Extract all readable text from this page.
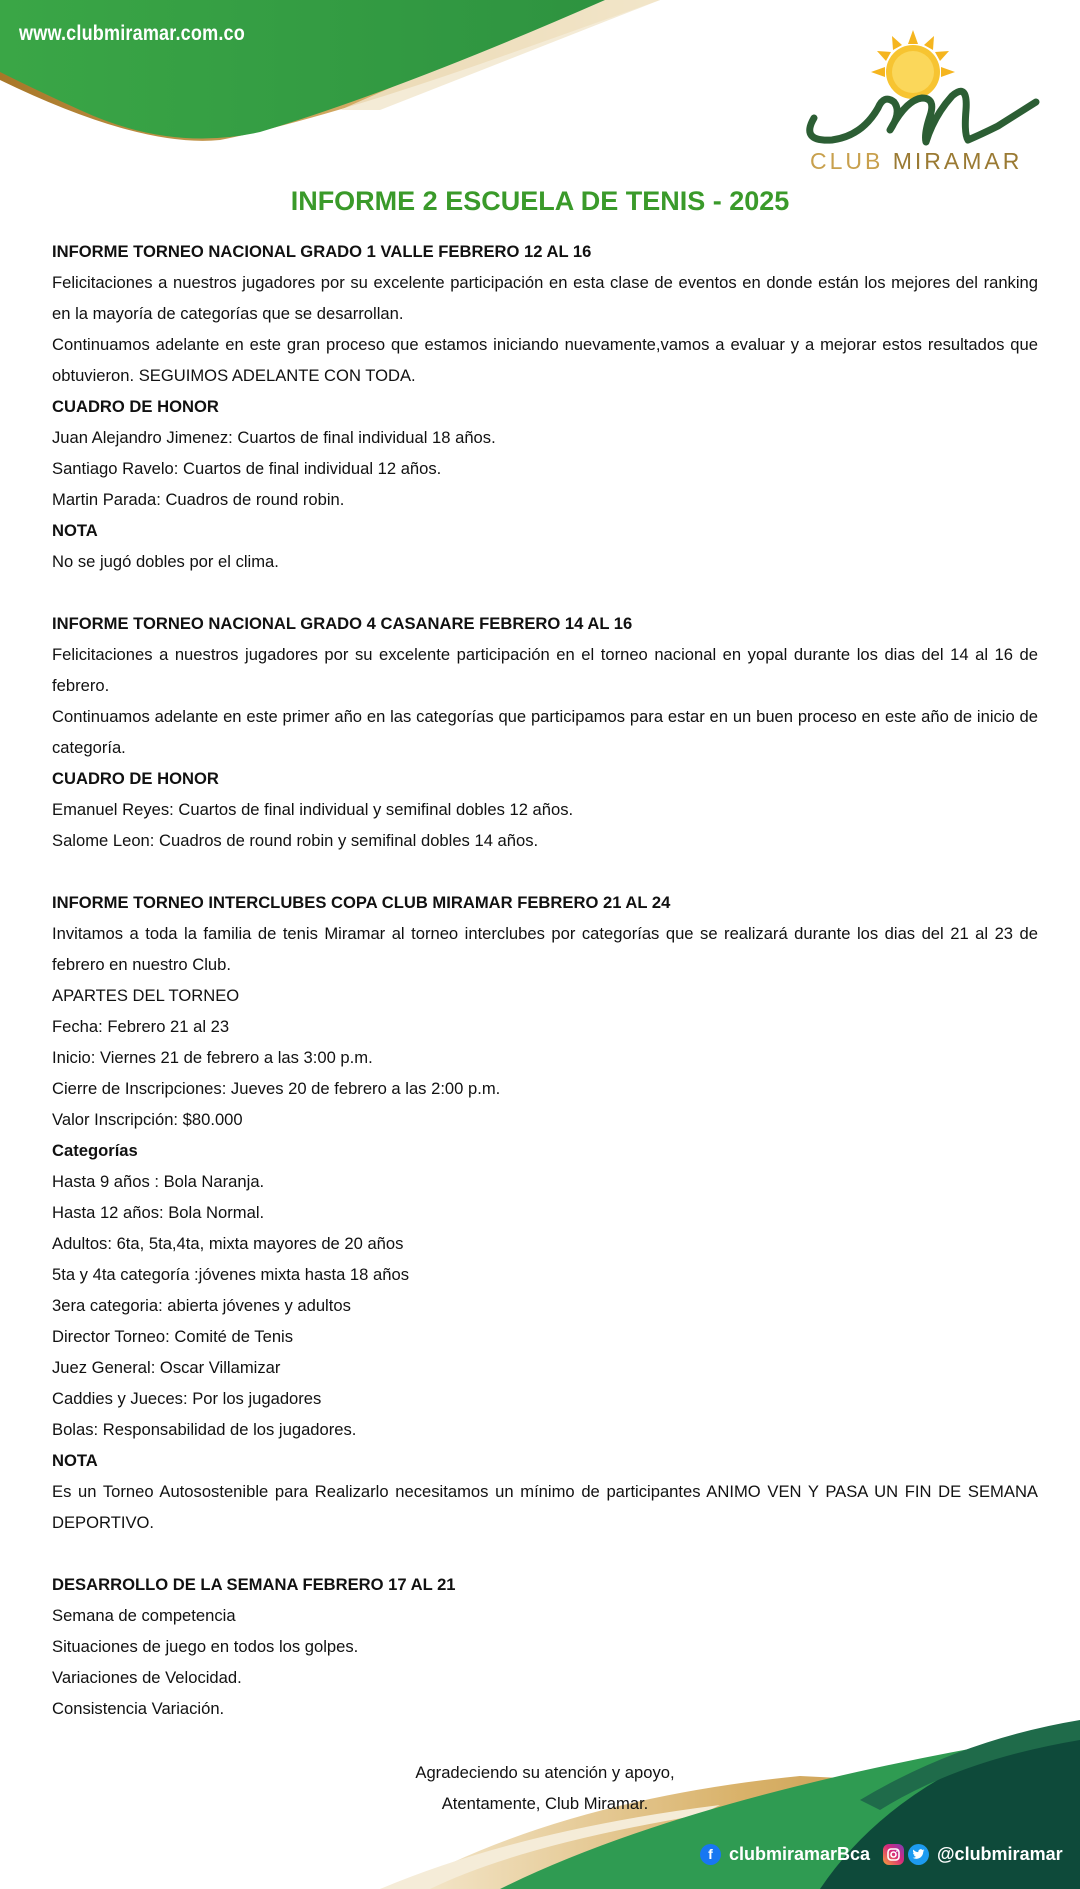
www.clubmiramar.com.co
CLUB MIRAMAR
INFORME 2 ESCUELA DE TENIS - 2025

INFORME TORNEO NACIONAL GRADO 1 VALLE FEBRERO 12 AL 16

Felicitaciones a nuestros jugadores por su excelente participación en esta clase de eventos en donde están los mejores del ranking en la mayoría de categorías que se desarrollan.

Continuamos adelante en este gran proceso que estamos iniciando nuevamente,vamos a evaluar y a mejorar estos resultados que obtuvieron. SEGUIMOS ADELANTE CON TODA.

CUADRO DE HONOR

Juan Alejandro Jimenez: Cuartos de final individual 18 años.

Santiago Ravelo: Cuartos de final individual 12 años.

Martin Parada: Cuadros de round robin.

NOTA

No se jugó dobles por el clima.

INFORME TORNEO NACIONAL GRADO 4 CASANARE FEBRERO 14 AL 16

Felicitaciones a nuestros jugadores por su excelente participación en el torneo nacional en yopal durante los dias del 14 al 16 de febrero.

Continuamos adelante en este primer año en las categorías que participamos para estar en un buen proceso en este año de inicio de categoría.

CUADRO DE HONOR

Emanuel Reyes: Cuartos de final individual y semifinal dobles 12 años.

Salome Leon: Cuadros de round robin y semifinal dobles 14 años.

INFORME TORNEO INTERCLUBES COPA CLUB MIRAMAR FEBRERO 21 AL 24

Invitamos a toda la familia de tenis Miramar al torneo interclubes por categorías que se realizará durante los dias del 21 al 23 de febrero en nuestro Club.

APARTES DEL TORNEO

Fecha: Febrero 21 al 23

Inicio: Viernes 21 de febrero a las 3:00 p.m.

Cierre de Inscripciones: Jueves 20 de febrero a las 2:00 p.m.

Valor Inscripción: $80.000

Categorías

Hasta 9 años : Bola Naranja.

Hasta 12 años: Bola Normal.

Adultos: 6ta, 5ta,4ta, mixta mayores de 20 años

5ta y 4ta categoría :jóvenes mixta hasta 18 años

3era categoria: abierta jóvenes y adultos

Director Torneo: Comité de Tenis

Juez General: Oscar Villamizar

Caddies y Jueces: Por los jugadores

Bolas: Responsabilidad de los jugadores.

NOTA

Es un Torneo Autosostenible para Realizarlo necesitamos un mínimo de participantes ANIMO VEN Y PASA UN FIN DE SEMANA DEPORTIVO.

DESARROLLO DE LA SEMANA FEBRERO 17 AL 21

Semana de competencia

Situaciones de juego en todos los golpes.

Variaciones de Velocidad.

Consistencia Variación.

Agradeciendo su atención y apoyo,

Atentamente, Club Miramar.

f clubmiramarBca	@clubmiramar
